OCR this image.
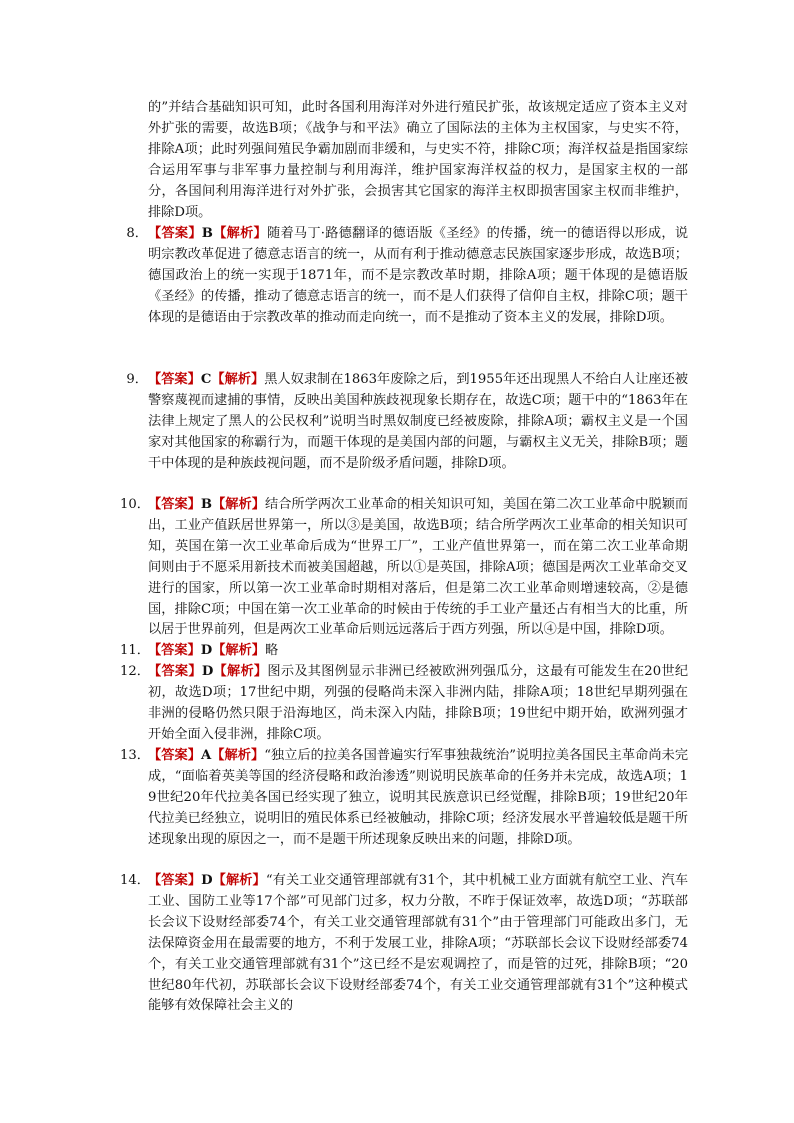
的”并结合基础知识可知，此时各国利用海洋对外进行殖民扩张，故该规定适应了资本主义对外扩张的需要，故选B项；《战争与和平法》确立了国际法的主体为主权国家，与史实不符，排除A项；此时列强间殖民争霸加剧而非缓和，与史实不符，排除C项；海洋权益是指国家综合运用军事与非军事力量控制与利用海洋，维护国家海洋权益的权力，是国家主权的一部分，各国间利用海洋进行对外扩张，会损害其它国家的海洋主权即损害国家主权而非维护，排除D项。
8． 【答案】B【解析】随着马丁·路德翻译的德语版《圣经》的传播，统一的德语得以形成，说明宗教改革促进了德意志语言的统一，从而有利于推动德意志民族国家逐步形成，故选B项；德国政治上的统一实现于1871年，而不是宗教改革时期，排除A项；题干体现的是德语版《圣经》的传播，推动了德意志语言的统一，而不是人们获得了信仰自主权，排除C项；题干体现的是德语由于宗教改革的推动而走向统一，而不是推动了资本主义的发展，排除D项。
9． 【答案】C【解析】黑人奴隶制在1863年废除之后，到1955年还出现黑人不给白人让座还被警察蔑视而逮捕的事情，反映出美国种族歧视现象长期存在，故选C项；题干中的“1863年在法律上规定了黑人的公民权利”说明当时黑奴制度已经被废除，排除A项；霸权主义是一个国家对其他国家的称霸行为，而题干体现的是美国内部的问题，与霸权主义无关，排除B项；题干中体现的是种族歧视问题，而不是阶级矛盾问题，排除D项。
10．
【答案】B【解析】结合所学两次工业革命的相关知识可知，美国在第二次工业革命中脱颖而出，工业产值跃居世界第一，所以③是美国，故选B项；结合所学两次工业革命的相关知识可知，英国在第一次工业革命后成为“世界工厂”，工业产值世界第一，而在第二次工业革命期间则由于不愿采用新技术而被美国超越，所以①是英国，排除A项；德国是两次工业革命交叉进行的国家，所以第一次工业革命时期相对落后，但是第二次工业革命则增速较高，②是德国，排除C项；中国在第一次工业革命的时候由于传统的手工业产量还占有相当大的比重，所以居于世界前列，但是两次工业革命后则远远落后于西方列强，所以④是中国，排除D项。
11．
【答案】D【解析】略
12．
【答案】D【解析】图示及其图例显示非洲已经被欧洲列强瓜分，这最有可能发生在20世纪初，故选D项；17世纪中期，列强的侵略尚未深入非洲内陆，排除A项；18世纪早期列强在非洲的侵略仍然只限于沿海地区，尚未深入内陆，排除B项；19世纪中期开始，欧洲列强才开始全面入侵非洲，排除C项。
13．
【答案】A【解析】“独立后的拉美各国普遍实行军事独裁统治”说明拉美各国民主革命尚未完成，“面临着英美等国的经济侵略和政治渗透”则说明民族革命的任务并未完成，故选A项；19世纪20年代拉美各国已经实现了独立，说明其民族意识已经觉醒，排除B项；19世纪20年代拉美已经独立，说明旧的殖民体系已经被触动，排除C项；经济发展水平普遍较低是题干所述现象出现的原因之一，而不是题干所述现象反映出来的问题，排除D项。
14．
【答案】D【解析】“有关工业交通管理部就有31个，其中机械工业方面就有航空工业、汽车工业、国防工业等17个部”可见部门过多，权力分散，不昨于保证效率，故选D项；“苏联部长会议下设财经部委74个，有关工业交通管理部就有31个”由于管理部门可能政出多门，无法保障资金用在最需要的地方，不利于发展工业，排除A项；“苏联部长会议下设财经部委74个，有关工业交通管理部就有31个”这已经不是宏观调控了，而是管的过死，排除B项；“20世纪80年代初，苏联部长会议下设财经部委74个，有关工业交通管理部就有31个”这种模式能够有效保障社会主义的
